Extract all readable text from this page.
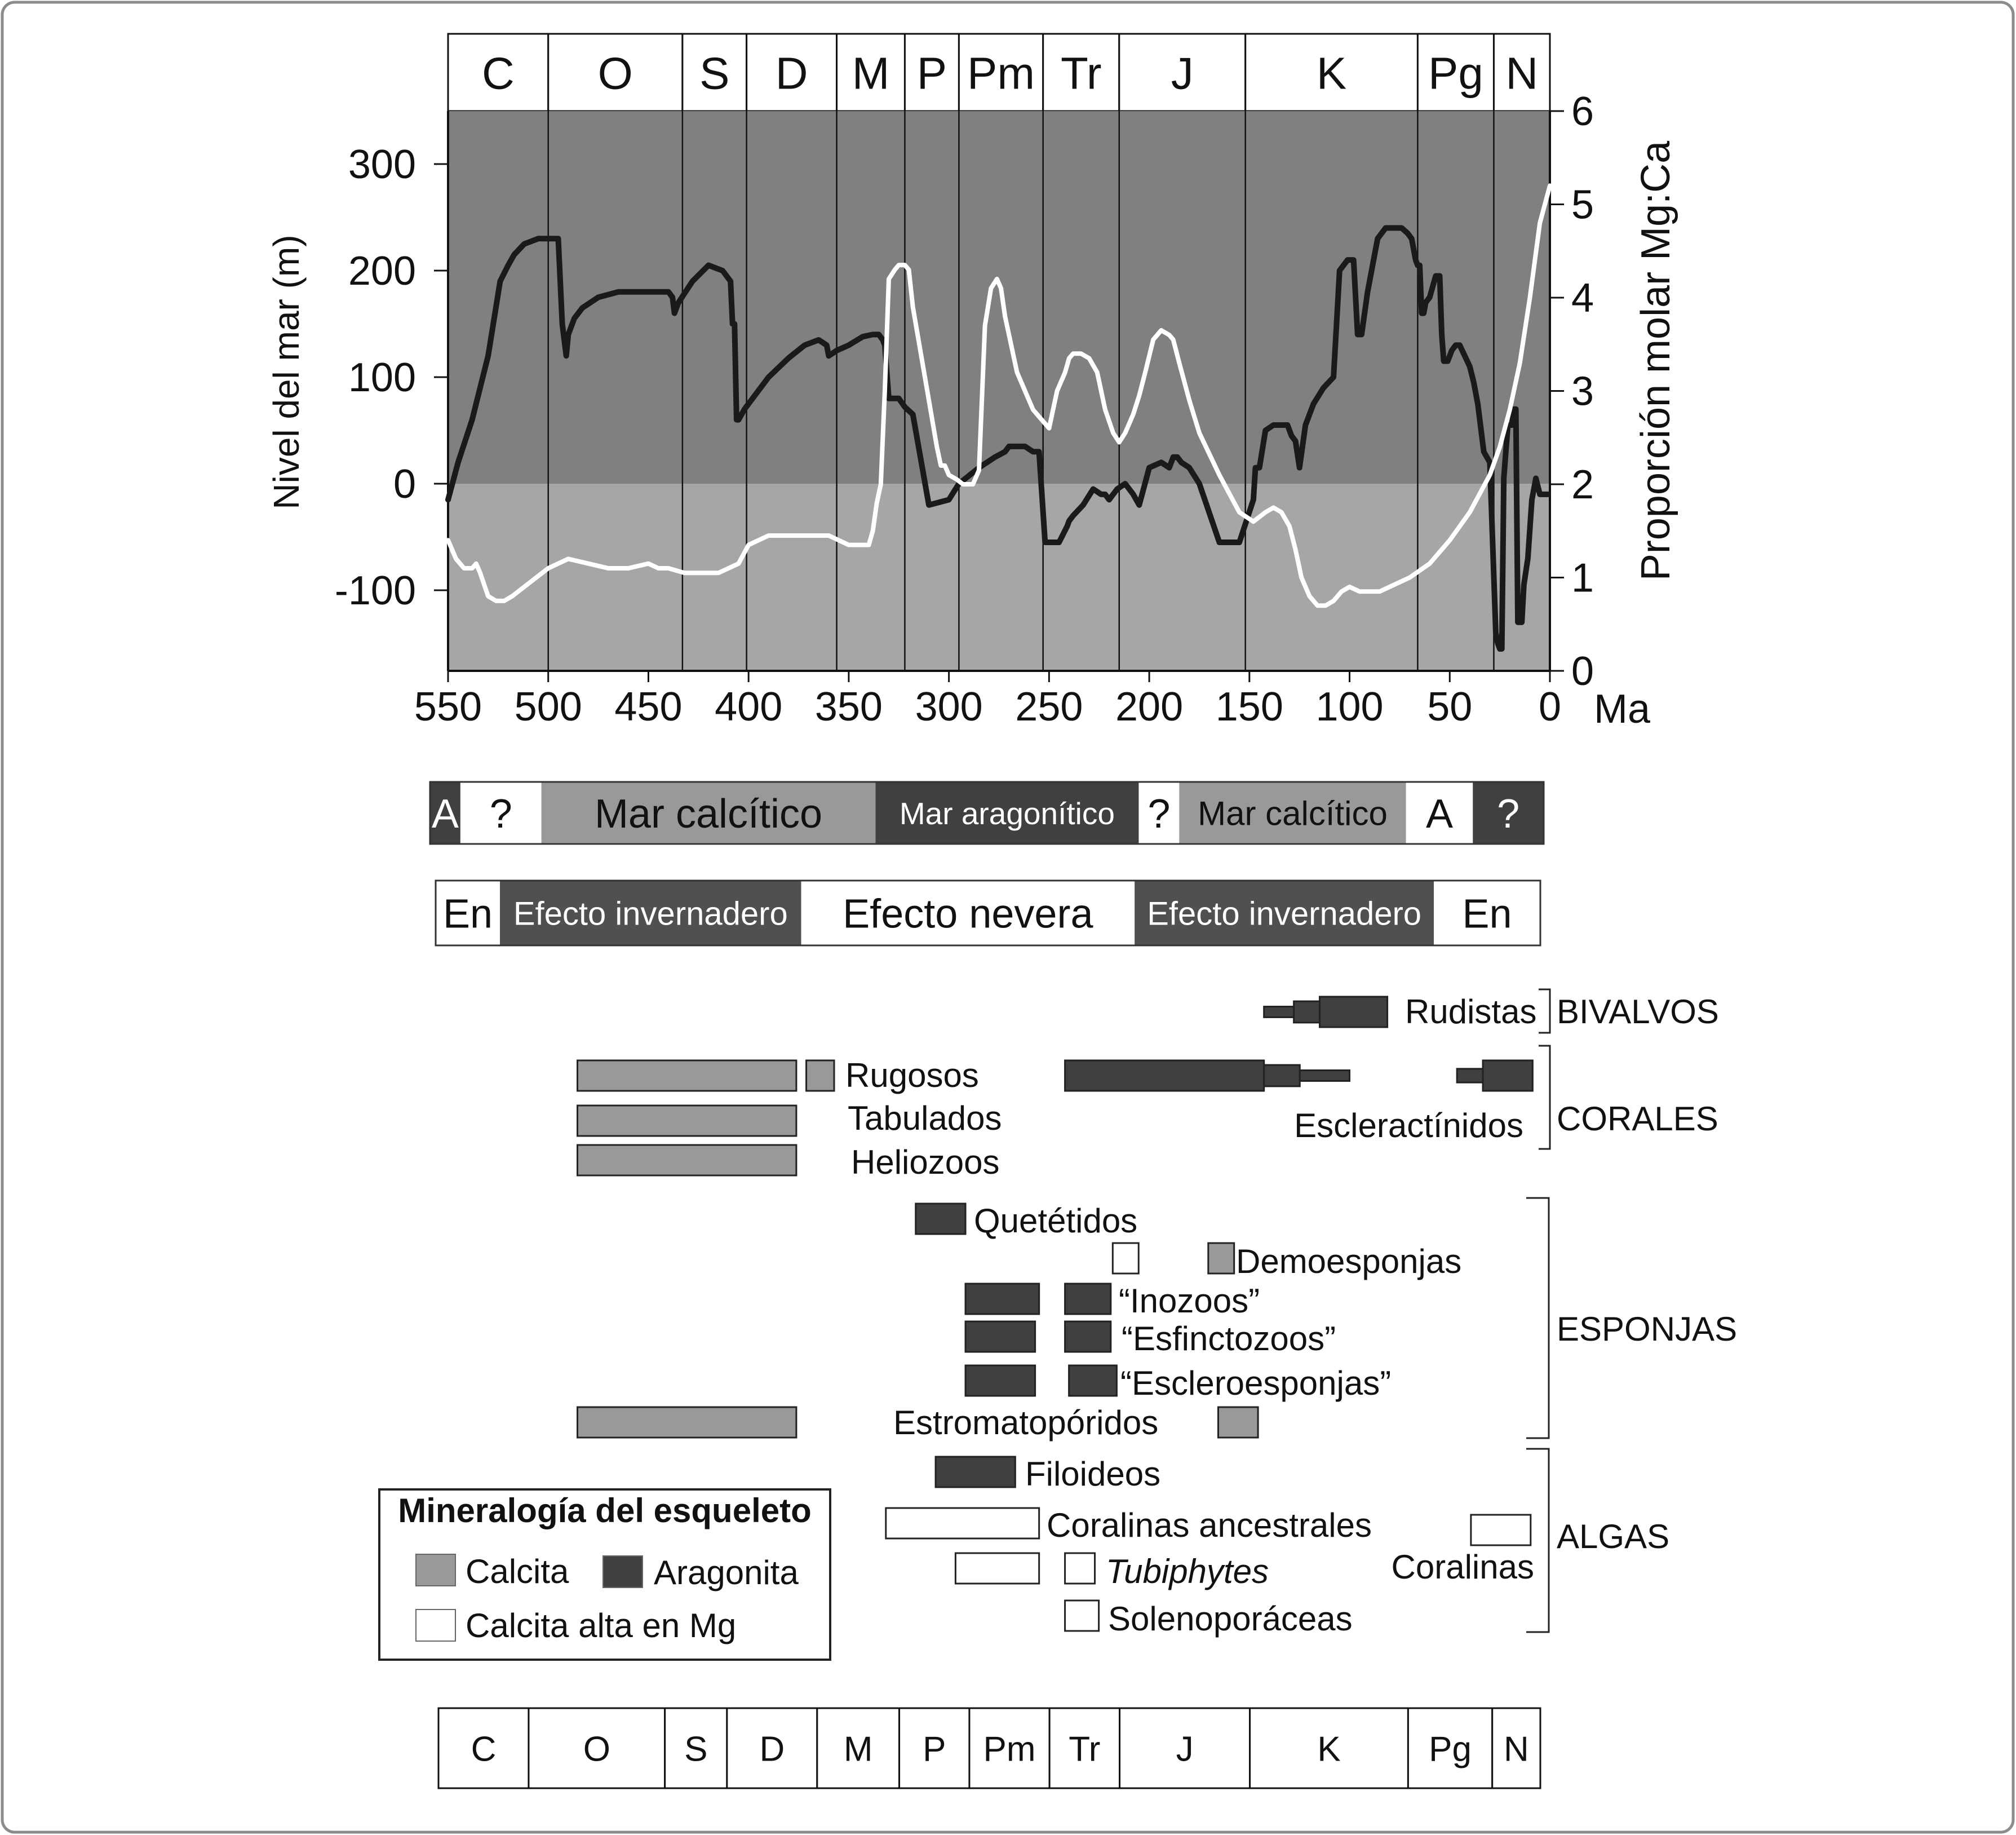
C O S D M P Pm Tr J	K Pg N
550 500 450 400 350 300 250 200 150 100 50 0 Ma
-100
0
100
200
300
0
1
2
3
4
5
6
Nivel del mar (m)	Proporción molar Mg:Ca
A ? Mar calcítico Mar aragonítico ? Mar calcítico A ?
En Efecto invernadero Efecto nevera Efecto invernadero En
Rudistas
Rugosos
Tabulados
Heliozoos
Escleractínidos
Quetétidos
Demoesponjas
“Inozoos”
“Esfinctozoos”
“Escleroesponjas”
Estromatopóridos
Filoideos
Coralinas ancestrales
Tubiphytes
Solenoporáceas
Coralinas
BIVALVOS
CORALES
ESPONJAS
ALGAS
Mineralogía del esqueleto
Calcita	Aragonita
Calcita alta en Mg
C O S D M P Pm Tr J	K	Pg N
